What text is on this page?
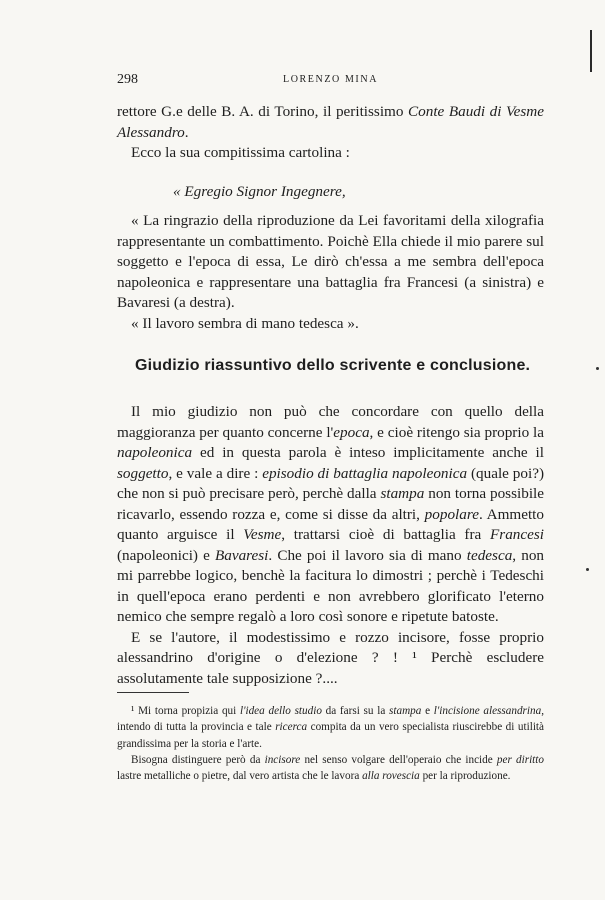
298	LORENZO MINA

rettore G.e delle B. A. di Torino, il peritissimo Conte Baudi di Vesme Alessandro.

Ecco la sua compitissima cartolina :

« Egregio Signor Ingegnere,

« La ringrazio della riproduzione da Lei favoritami della xilografia rappresentante un combattimento. Poichè Ella chiede il mio parere sul soggetto e l'epoca di essa, Le dirò ch'essa a me sembra dell'epoca napoleonica e rappresentare una battaglia fra Francesi (a sinistra) e Bavaresi (a destra).

« Il lavoro sembra di mano tedesca ».

Giudizio riassuntivo dello scrivente e conclusione.

Il mio giudizio non può che concordare con quello della maggioranza per quanto concerne l'epoca, e cioè ritengo sia proprio la napoleonica ed in questa parola è inteso implicitamente anche il soggetto, e vale a dire : episodio di battaglia napoleonica (quale poi?) che non si può precisare però, perchè dalla stampa non torna possibile ricavarlo, essendo rozza e, come si disse da altri, popolare. Ammetto quanto arguisce il Vesme, trattarsi cioè di battaglia fra Francesi (napoleonici) e Bavaresi. Che poi il lavoro sia di mano tedesca, non mi parrebbe logico, benchè la facitura lo dimostri ; perchè i Tedeschi in quell'epoca erano perdenti e non avrebbero glorificato l'eterno nemico che sempre regalò a loro così sonore e ripetute batoste.

E se l'autore, il modestissimo e rozzo incisore, fosse proprio alessandrino d'origine o d'elezione ? ! ¹ Perchè escludere assolutamente tale supposizione ?....

¹ Mi torna propizia qui l'idea dello studio da farsi su la stampa e l'incisione alessandrina, intendo di tutta la provincia e tale ricerca compita da un vero specialista riuscirebbe di utilità grandissima per la storia e l'arte.

Bisogna distinguere però da incisore nel senso volgare dell'operaio che incide per diritto lastre metalliche o pietre, dal vero artista che le lavora alla rovescia per la riproduzione.
